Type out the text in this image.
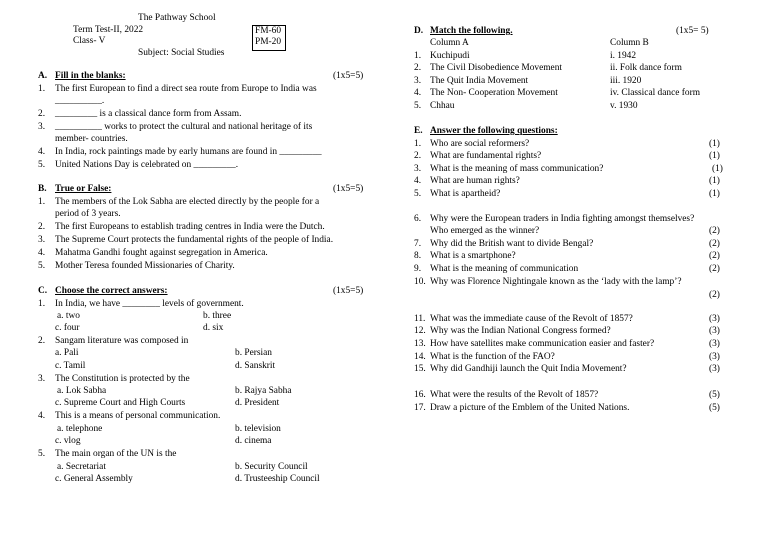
The Pathway School
Term Test-II, 2022
Class- V
Subject: Social Studies
FM-60
PM-20
A. Fill in the blanks:	(1x5=5)
1. The first European to find a direct sea route from Europe to India was
__________.
2. _________ is a classical dance form from Assam.
3. __________ works to protect the cultural and national heritage of its
member- countries.
4. In India, rock paintings made by early humans are found in _________
5. United Nations Day is celebrated on _________.
B. True or False:	(1x5=5)
1. The members of the Lok Sabha are elected directly by the people for a
period of 3 years.
2. The first Europeans to establish trading centres in India were the Dutch.
3. The Supreme Court protects the fundamental rights of the people of India.
4. Mahatma Gandhi fought against segregation in America.
5. Mother Teresa founded Missionaries of Charity.
C. Choose the correct answers:	(1x5=5)
1. In India, we have ________ levels of government.
a. two	b. three
c. four	d. six
2. Sangam literature was composed in
a. Pali	b. Persian
c. Tamil	d. Sanskrit
3. The Constitution is protected by the
a. Lok Sabha	b. Rajya Sabha
c. Supreme Court and High Courts	d. President
4. This is a means of personal communication.
a. telephone	b. television
c. vlog	d. cinema
5. The main organ of the UN is the
a. Secretariat	b. Security Council
c. General Assembly	d. Trusteeship Council
D. Match the following.	(1x5= 5)
Column A	Column B
1. Kuchipudi	i. 1942
2. The Civil Disobedience Movement	ii. Folk dance form
3. The Quit India Movement	iii. 1920
4. The Non- Cooperation Movement	iv. Classical dance form
5. Chhau	v. 1930
E. Answer the following questions:
1. Who are social reformers?	(1)
2. What are fundamental rights?	(1)
3. What is the meaning of mass communication?	(1)
4. What are human rights?	(1)
5. What is apartheid?	(1)
6. Why were the European traders in India fighting amongst themselves?
Who emerged as the winner?	(2)
7. Why did the British want to divide Bengal?	(2)
8. What is a smartphone?	(2)
9. What is the meaning of communication	(2)
10. Why was Florence Nightingale known as the ‘lady with the lamp’?
(2)
11. What was the immediate cause of the Revolt of 1857?	(3)
12. Why was the Indian National Congress formed?	(3)
13. How have satellites make communication easier and faster?	(3)
14. What is the function of the FAO?	(3)
15. Why did Gandhiji launch the Quit India Movement?	(3)
16. What were the results of the Revolt of 1857?	(5)
17. Draw a picture of the Emblem of the United Nations.	(5)
